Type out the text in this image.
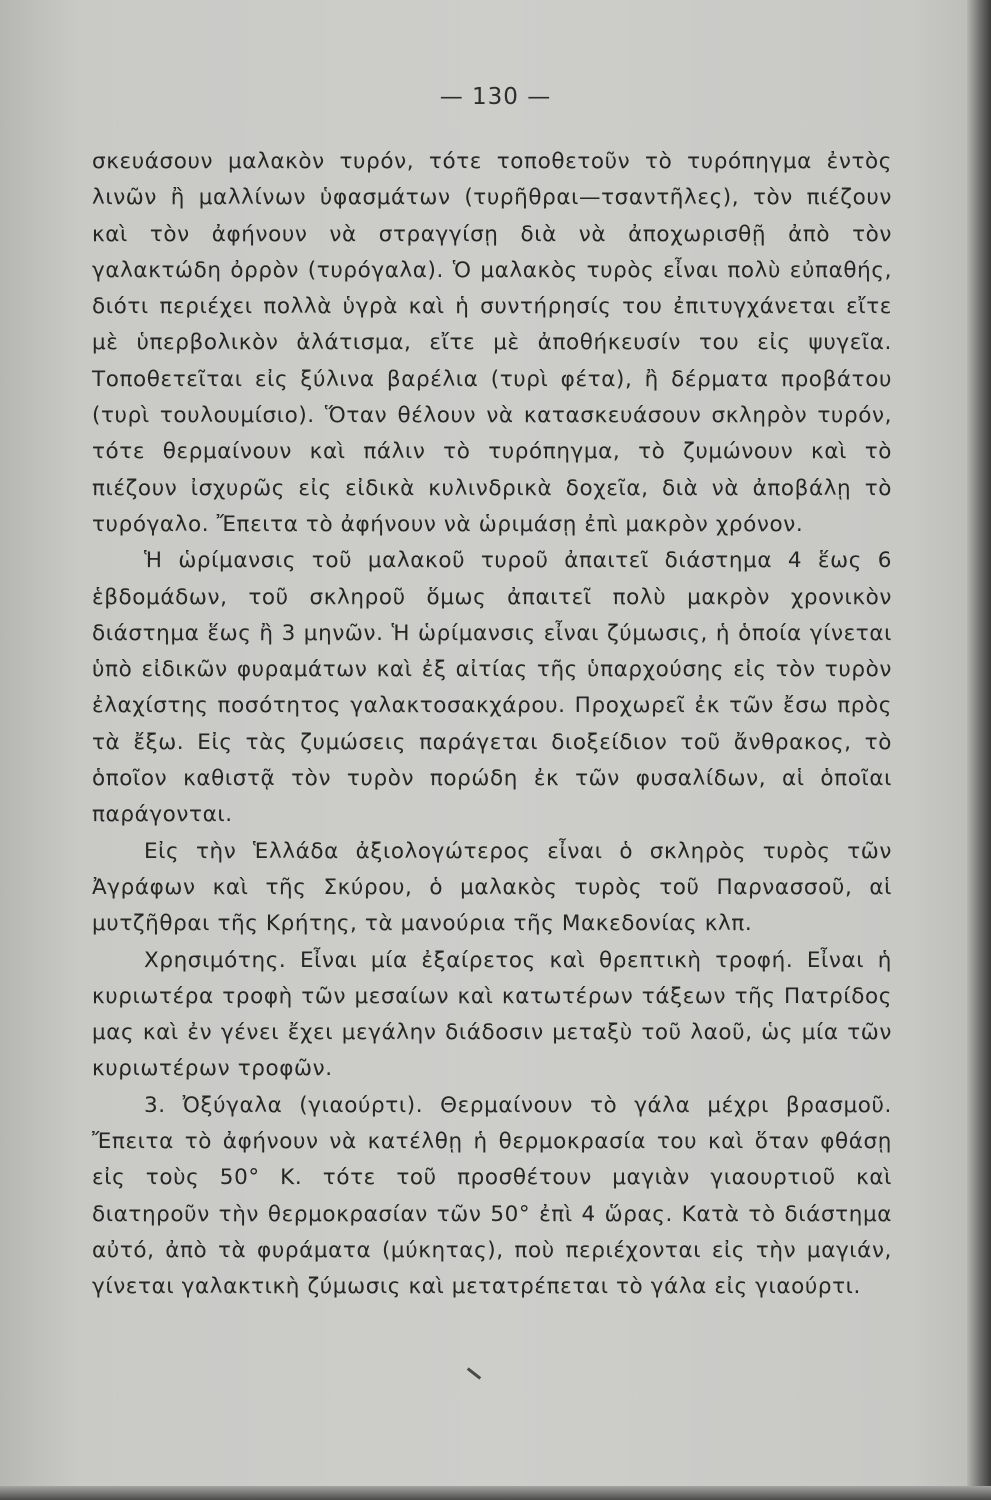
— 130 —

σκευάσουν μαλακὸν τυρόν, τότε τοποθετοῦν τὸ τυρόπηγμα ἐντὸς λινῶν ἢ μαλλίνων ὑφασμάτων (τυρῆθραι—τσαντῆλες), τὸν πιέζουν καὶ τὸν ἀφήνουν νὰ στραγγίσῃ διὰ νὰ ἀποχωρισθῇ ἀπὸ τὸν γαλακτώδη ὀρρὸν (τυρόγαλα). Ὁ μαλακὸς τυρὸς εἶναι πολὺ εὐπαθής, διότι περιέχει πολλὰ ὑγρὰ καὶ ἡ συντήρησίς του ἐπιτυγχάνεται εἴτε μὲ ὑπερβολικὸν ἁλάτισμα, εἴτε μὲ ἀποθήκευσίν του εἰς ψυγεῖα. Τοποθετεῖται εἰς ξύλινα βαρέλια (τυρὶ φέτα), ἢ δέρματα προβάτου (τυρὶ τουλουμίσιο). Ὅταν θέλουν νὰ κατασκευάσουν σκληρὸν τυρόν, τότε θερμαίνουν καὶ πάλιν τὸ τυρόπηγμα, τὸ ζυμώνουν καὶ τὸ πιέζουν ἰσχυρῶς εἰς εἰδικὰ κυλινδρικὰ δοχεῖα, διὰ νὰ ἀποβάλῃ τὸ τυρόγαλο. Ἔπειτα τὸ ἀφήνουν νὰ ὡριμάσῃ ἐπὶ μακρὸν χρόνον.

Ἡ ὡρίμανσις τοῦ μαλακοῦ τυροῦ ἀπαιτεῖ διάστημα 4 ἕως 6 ἑβδομάδων, τοῦ σκληροῦ ὅμως ἀπαιτεῖ πολὺ μακρὸν χρονικὸν διάστημα ἕως ἢ 3 μηνῶν. Ἡ ὡρίμανσις εἶναι ζύμωσις, ἡ ὁποία γίνεται ὑπὸ εἰδικῶν φυραμάτων καὶ ἐξ αἰτίας τῆς ὑπαρχούσης εἰς τὸν τυρὸν ἐλαχίστης ποσότητος γαλακτοσακχάρου. Προχωρεῖ ἐκ τῶν ἔσω πρὸς τὰ ἔξω. Εἰς τὰς ζυμώσεις παράγεται διοξείδιον τοῦ ἄνθρακος, τὸ ὁποῖον καθιστᾷ τὸν τυρὸν πορώδη ἐκ τῶν φυσαλίδων, αἱ ὁποῖαι παράγονται.

Εἰς τὴν Ἑλλάδα ἀξιολογώτερος εἶναι ὁ σκληρὸς τυρὸς τῶν Ἀγράφων καὶ τῆς Σκύρου, ὁ μαλακὸς τυρὸς τοῦ Παρνασσοῦ, αἱ μυτζῆθραι τῆς Κρήτης, τὰ μανούρια τῆς Μακεδονίας κλπ.

Χρησιμότης. Εἶναι μία ἐξαίρετος καὶ θρεπτικὴ τροφή. Εἶναι ἡ κυριωτέρα τροφὴ τῶν μεσαίων καὶ κατωτέρων τάξεων τῆς Πατρίδος μας καὶ ἐν γένει ἔχει μεγάλην διάδοσιν μεταξὺ τοῦ λαοῦ, ὡς μία τῶν κυριωτέρων τροφῶν.

3. Ὀξύγαλα (γιαούρτι). Θερμαίνουν τὸ γάλα μέχρι βρασμοῦ. Ἔπειτα τὸ ἀφήνουν νὰ κατέλθῃ ἡ θερμοκρασία του καὶ ὅταν φθάσῃ εἰς τοὺς 50° Κ. τότε τοῦ προσθέτουν μαγιὰν γιαουρτιοῦ καὶ διατηροῦν τὴν θερμοκρασίαν τῶν 50° ἐπὶ 4 ὥρας. Κατὰ τὸ διάστημα αὐτό, ἀπὸ τὰ φυράματα (μύκητας), ποὺ περιέχονται εἰς τὴν μαγιάν, γίνεται γαλακτικὴ ζύμωσις καὶ μετατρέπεται τὸ γάλα εἰς γιαούρτι.
